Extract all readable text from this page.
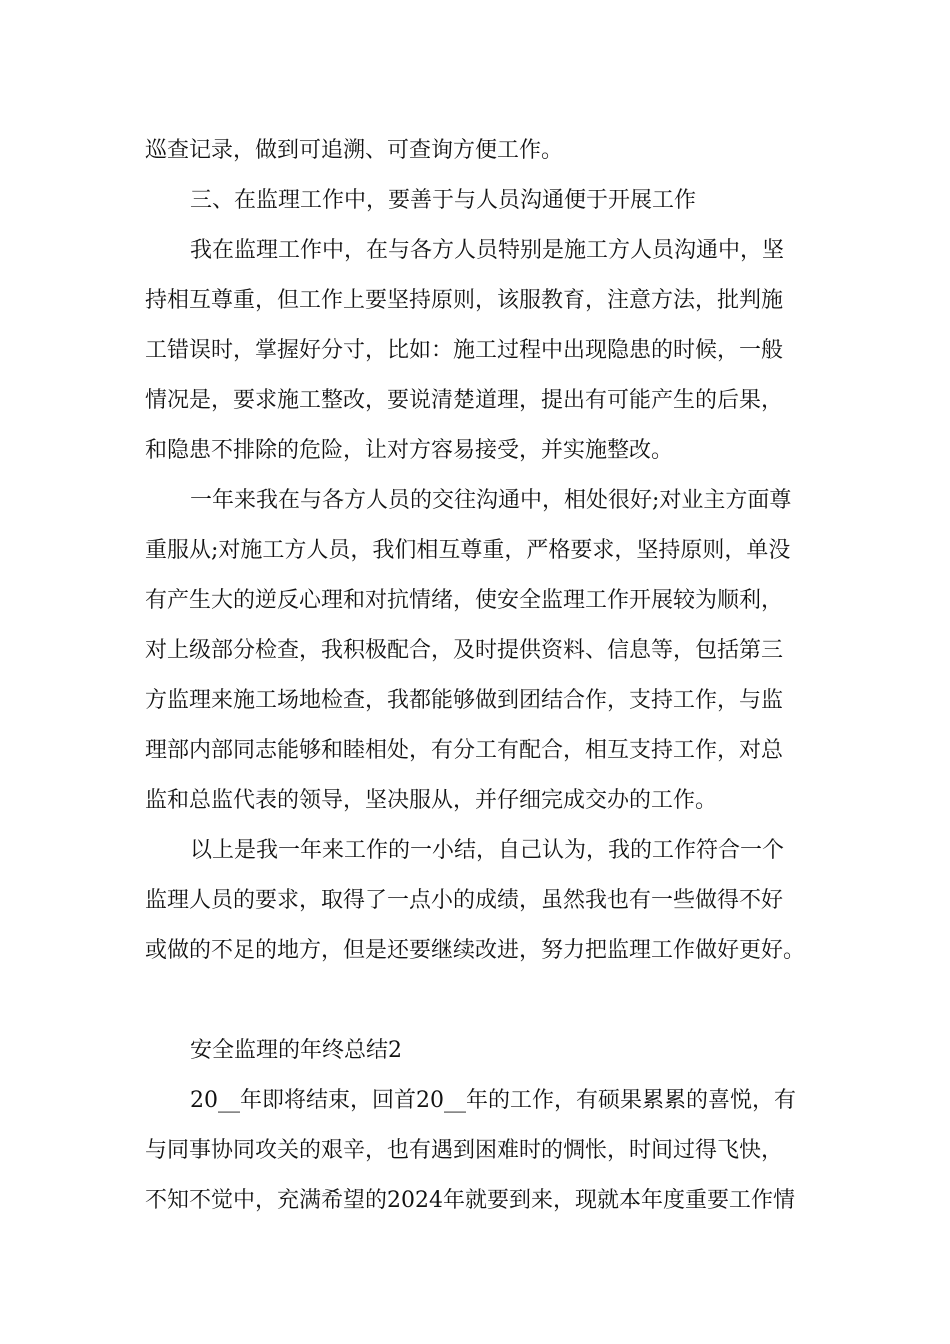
巡查记录，做到可追溯、可查询方便工作。
三、在监理工作中，要善于与人员沟通便于开展工作
我在监理工作中，在与各方人员特别是施工方人员沟通中，坚
持相互尊重，但工作上要坚持原则，该服教育，注意方法，批判施
工错误时，掌握好分寸，比如：施工过程中出现隐患的时候，一般
情况是，要求施工整改，要说清楚道理，提出有可能产生的后果，
和隐患不排除的危险，让对方容易接受，并实施整改。
一年来我在与各方人员的交往沟通中，相处很好;对业主方面尊
重服从;对施工方人员，我们相互尊重，严格要求，坚持原则，单没
有产生大的逆反心理和对抗情绪，使安全监理工作开展较为顺利，
对上级部分检查，我积极配合，及时提供资料、信息等，包括第三
方监理来施工场地检查，我都能够做到团结合作，支持工作，与监
理部内部同志能够和睦相处，有分工有配合，相互支持工作，对总
监和总监代表的领导，坚决服从，并仔细完成交办的工作。
以上是我一年来工作的一小结，自己认为，我的工作符合一个
监理人员的要求，取得了一点小的成绩，虽然我也有一些做得不好
或做的不足的地方，但是还要继续改进，努力把监理工作做好更好。
安全监理的年终总结2
20__年即将结束，回首20__年的工作，有硕果累累的喜悦，有
与同事协同攻关的艰辛，也有遇到困难时的惆怅，时间过得飞快，
不知不觉中，充满希望的2024年就要到来，现就本年度重要工作情
